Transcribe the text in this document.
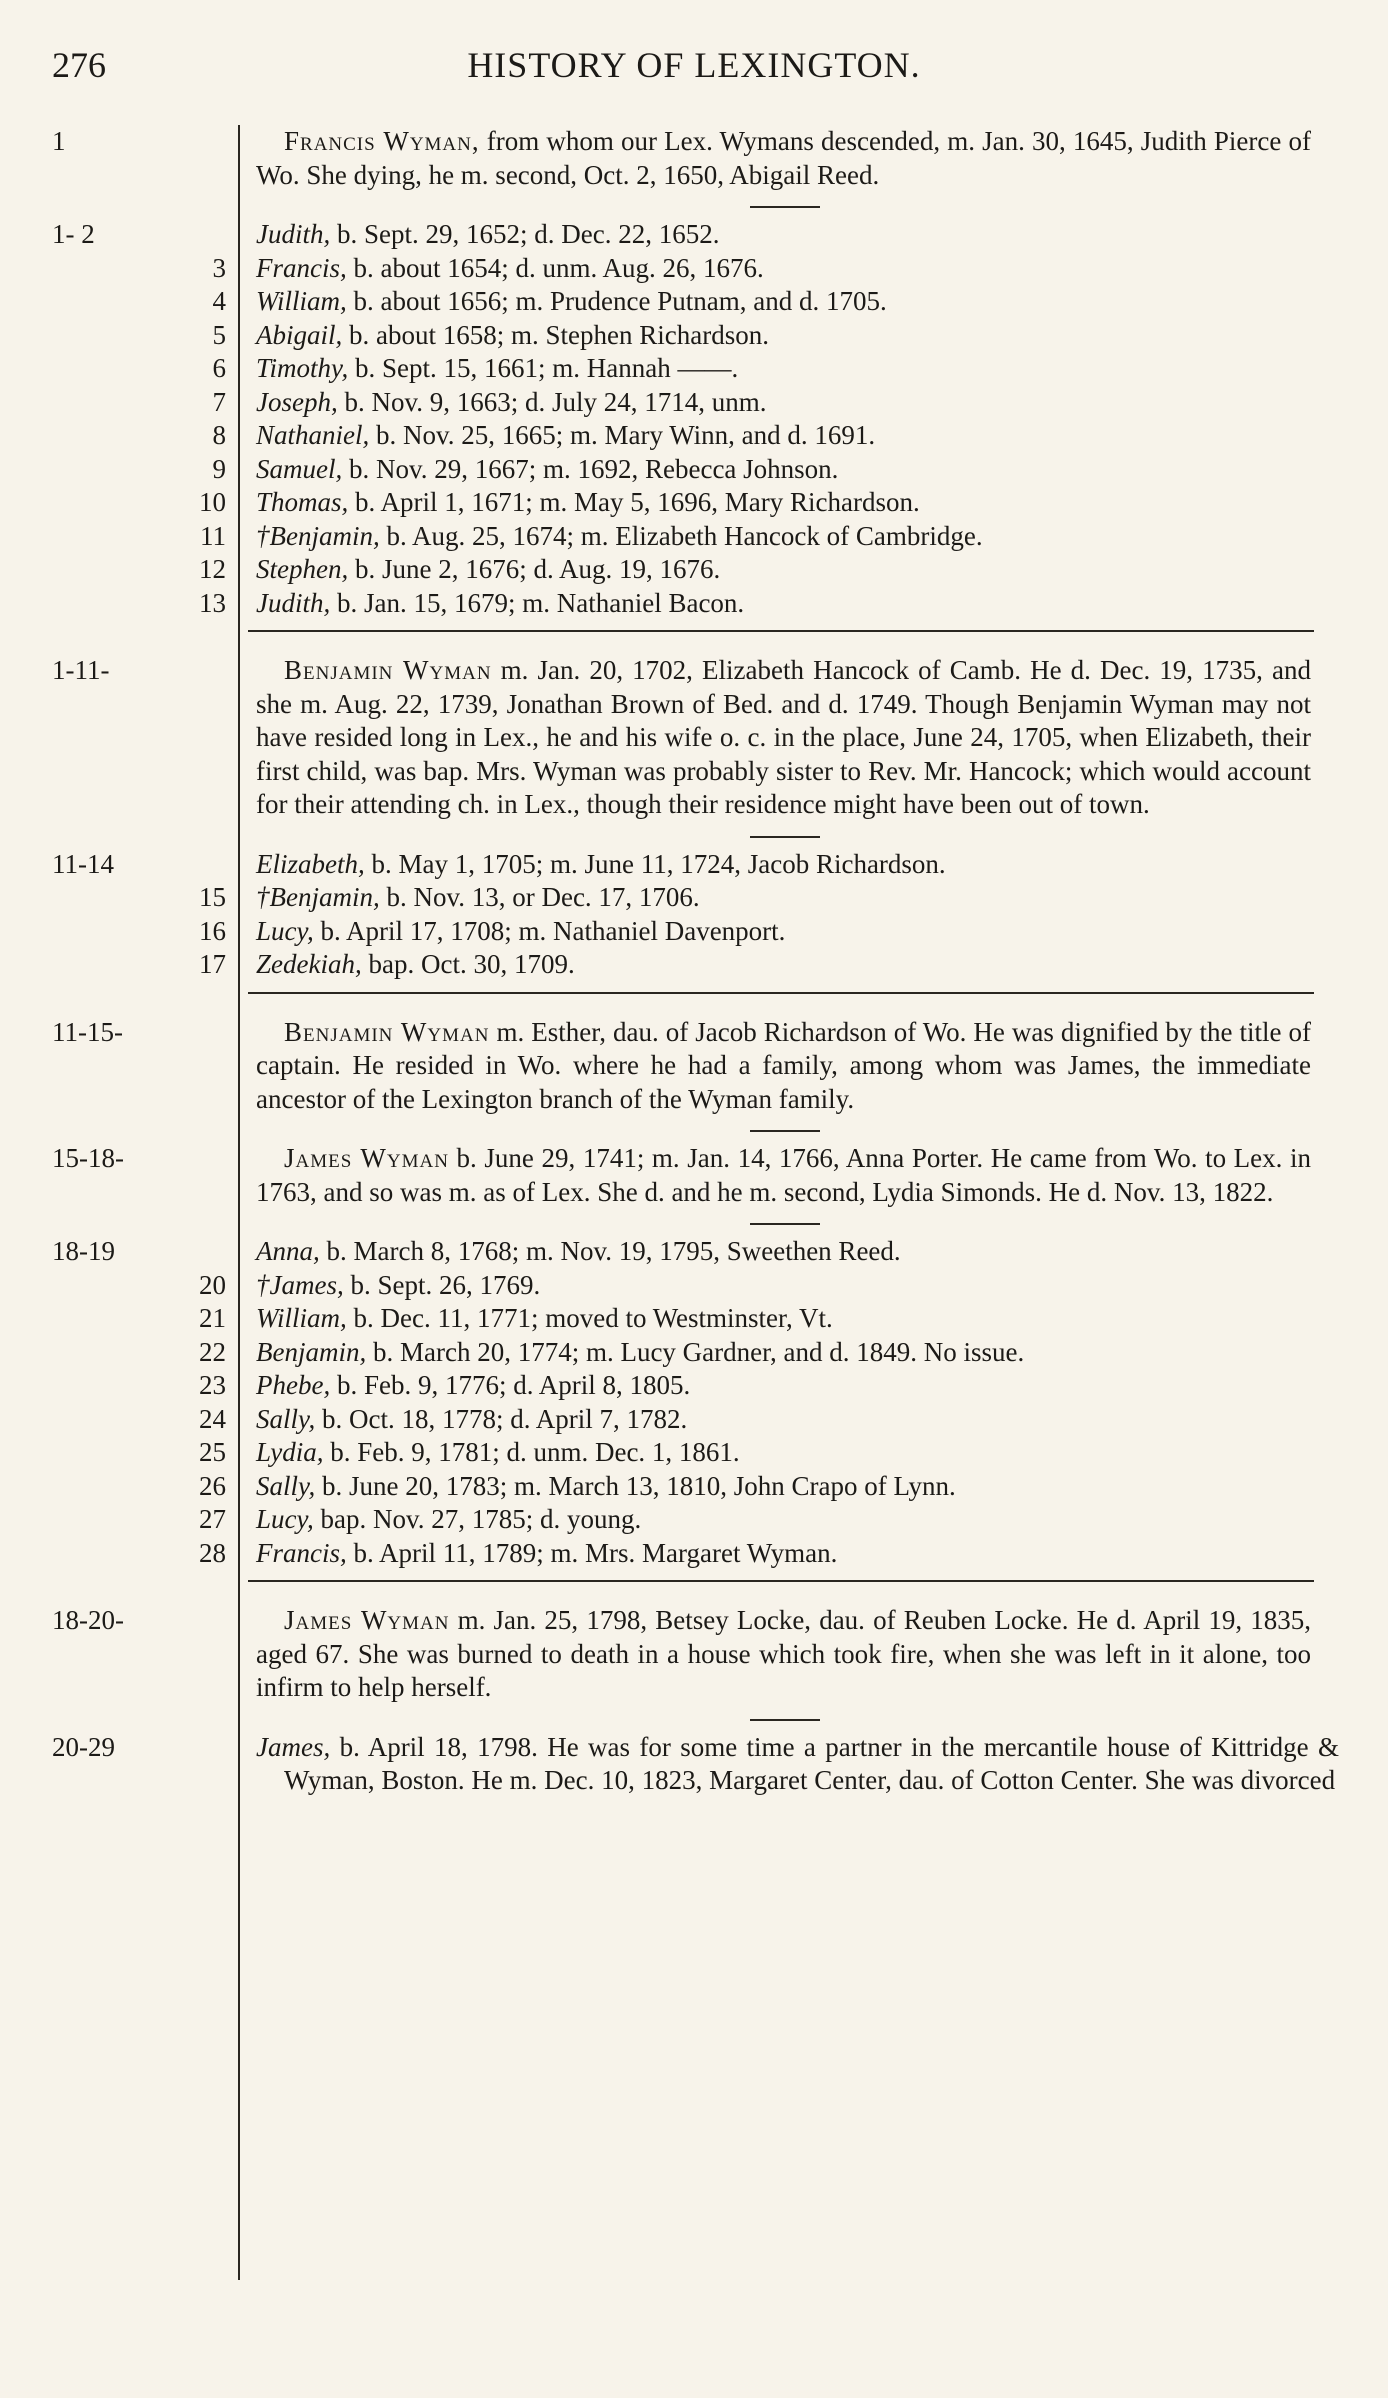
276	HISTORY OF LEXINGTON.
1	Francis Wyman, from whom our Lex. Wymans descended, m. Jan. 30, 1645, Judith Pierce of Wo. She dying, he m. second, Oct. 2, 1650, Abigail Reed.
1- 2	Judith, b. Sept. 29, 1652; d. Dec. 22, 1652.
3 Francis, b. about 1654; d. unm. Aug. 26, 1676.
4 William, b. about 1656; m. Prudence Putnam, and d. 1705.
5 Abigail, b. about 1658; m. Stephen Richardson.
6 Timothy, b. Sept. 15, 1661; m. Hannah ——.
7 Joseph, b. Nov. 9, 1663; d. July 24, 1714, unm.
8 Nathaniel, b. Nov. 25, 1665; m. Mary Winn, and d. 1691.
9 Samuel, b. Nov. 29, 1667; m. 1692, Rebecca Johnson.
10 Thomas, b. April 1, 1671; m. May 5, 1696, Mary Richardson.
11 †Benjamin, b. Aug. 25, 1674; m. Elizabeth Hancock of Cambridge.
12 Stephen, b. June 2, 1676; d. Aug. 19, 1676.
13 Judith, b. Jan. 15, 1679; m. Nathaniel Bacon.
1-11-	Benjamin Wyman m. Jan. 20, 1702, Elizabeth Hancock of Camb. He d. Dec. 19, 1735, and she m. Aug. 22, 1739, Jonathan Brown of Bed. and d. 1749. Though Benjamin Wyman may not have resided long in Lex., he and his wife o. c. in the place, June 24, 1705, when Elizabeth, their first child, was bap. Mrs. Wyman was probably sister to Rev. Mr. Hancock; which would account for their attending ch. in Lex., though their residence might have been out of town.
11-14	Elizabeth, b. May 1, 1705; m. June 11, 1724, Jacob Richardson.
15 †Benjamin, b. Nov. 13, or Dec. 17, 1706.
16 Lucy, b. April 17, 1708; m. Nathaniel Davenport.
17 Zedekiah, bap. Oct. 30, 1709.
11-15-	Benjamin Wyman m. Esther, dau. of Jacob Richardson of Wo. He was dignified by the title of captain. He resided in Wo. where he had a family, among whom was James, the immediate ancestor of the Lexington branch of the Wyman family.
15-18-	James Wyman b. June 29, 1741; m. Jan. 14, 1766, Anna Porter. He came from Wo. to Lex. in 1763, and so was m. as of Lex. She d. and he m. second, Lydia Simonds. He d. Nov. 13, 1822.
18-19	Anna, b. March 8, 1768; m. Nov. 19, 1795, Sweethen Reed.
20 †James, b. Sept. 26, 1769.
21 William, b. Dec. 11, 1771; moved to Westminster, Vt.
22 Benjamin, b. March 20, 1774; m. Lucy Gardner, and d. 1849. No issue.
23 Phebe, b. Feb. 9, 1776; d. April 8, 1805.
24 Sally, b. Oct. 18, 1778; d. April 7, 1782.
25 Lydia, b. Feb. 9, 1781; d. unm. Dec. 1, 1861.
26 Sally, b. June 20, 1783; m. March 13, 1810, John Crapo of Lynn.
27 Lucy, bap. Nov. 27, 1785; d. young.
28 Francis, b. April 11, 1789; m. Mrs. Margaret Wyman.
18-20-	James Wyman m. Jan. 25, 1798, Betsey Locke, dau. of Reuben Locke. He d. April 19, 1835, aged 67. She was burned to death in a house which took fire, when she was left in it alone, too infirm to help herself.
20-29	James, b. April 18, 1798. He was for some time a partner in the mercantile house of Kittridge & Wyman, Boston. He m. Dec. 10, 1823, Margaret Center, dau. of Cotton Center. She was divorced
